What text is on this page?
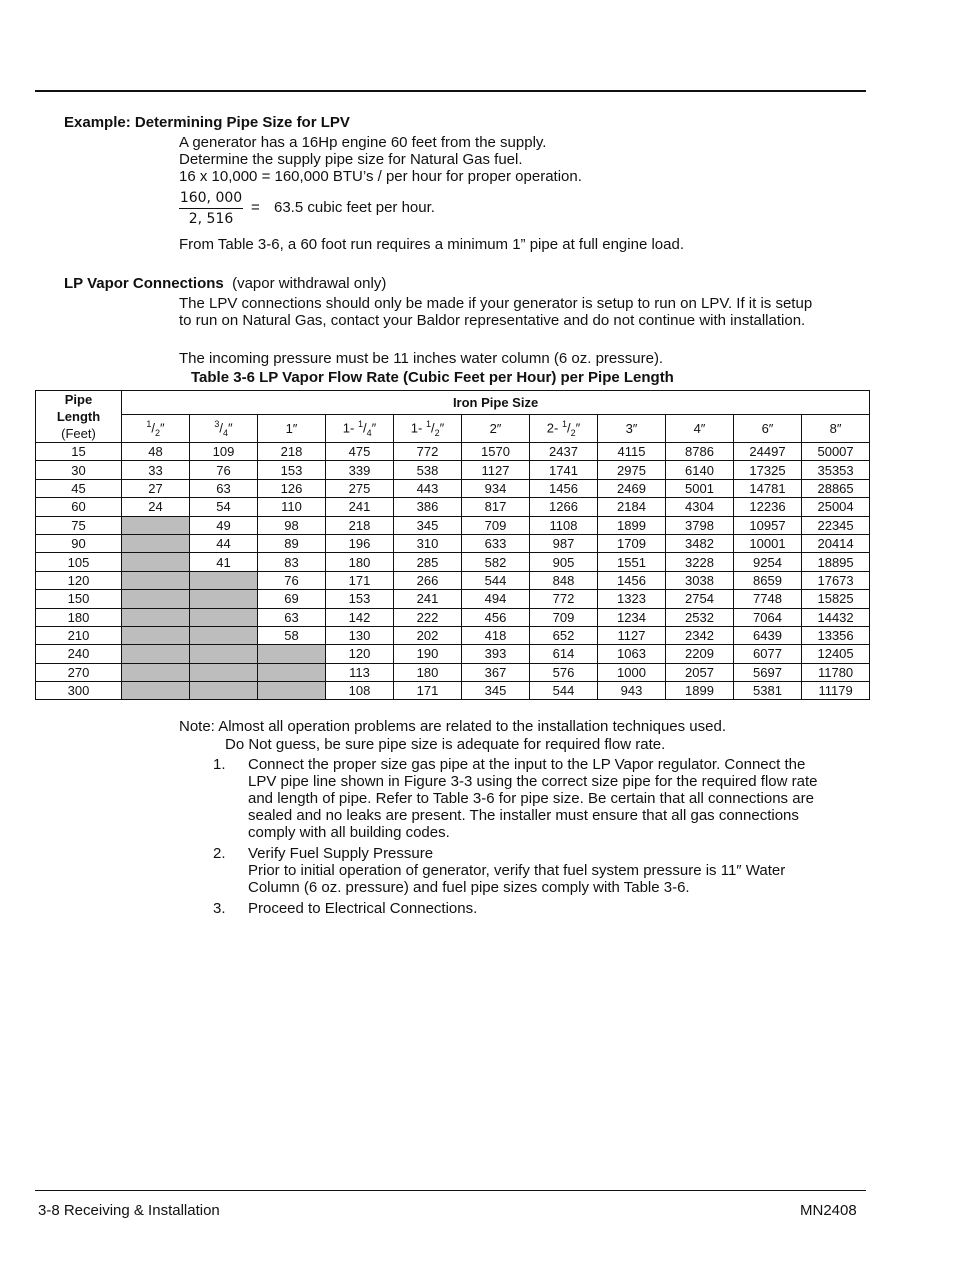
Example: Determining Pipe Size for LPV
A generator has a 16Hp engine 60 feet from the supply.
Determine the supply pipe size for Natural Gas fuel.
16 x 10,000 = 160,000 BTU’s / per hour for proper operation.
$\frac{160, 000}{2, 516} = 63.5$ cubic feet per hour.
From Table 3-6, a 60 foot run requires a minimum 1” pipe at full engine load.
LP Vapor Connections (vapor withdrawal only)
The LPV connections should only be made if your generator is setup to run on LPV. If it is setup
to run on Natural Gas, contact your Baldor representative and do not continue with installation.
The incoming pressure must be 11 inches water column (6 oz. pressure).
Table 3-6 LP Vapor Flow Rate (Cubic Feet per Hour) per Pipe Length
Pipe
Length
(Feet)	Iron Pipe Size										
	$^1/_2''$	$^3/_4''$	1″	1- $^1/_4''$	1- $^1/_2''$	2″	2- $^1/_2''$	3″	4″	6″	8″
15	48	109	218	475	772	1570	2437	4115	8786	24497	50007
30	33	76	153	339	538	1127	1741	2975	6140	17325	35353
45	27	63	126	275	443	934	1456	2469	5001	14781	28865
60	24	54	110	241	386	817	1266	2184	4304	12236	25004
75		49	98	218	345	709	1108	1899	3798	10957	22345
90		44	89	196	310	633	987	1709	3482	10001	20414
105		41	83	180	285	582	905	1551	3228	9254	18895
120			76	171	266	544	848	1456	3038	8659	17673
150			69	153	241	494	772	1323	2754	7748	15825
180			63	142	222	456	709	1234	2532	7064	14432
210			58	130	202	418	652	1127	2342	6439	13356
240				120	190	393	614	1063	2209	6077	12405
270				113	180	367	576	1000	2057	5697	11780
300				108	171	345	544	943	1899	5381	11179
Note: Almost all operation problems are related to the installation techniques used.
Do Not guess, be sure pipe size is adequate for required flow rate.
1. Connect the proper size gas pipe at the input to the LP Vapor regulator. Connect the
LPV pipe line shown in Figure 3-3 using the correct size pipe for the required flow rate
and length of pipe. Refer to Table 3-6 for pipe size. Be certain that all connections are
sealed and no leaks are present. The installer must ensure that all gas connections
comply with all building codes.
2. Verify Fuel Supply Pressure
Prior to initial operation of generator, verify that fuel system pressure is 11″ Water
Column (6 oz. pressure) and fuel pipe sizes comply with Table 3-6.
3. Proceed to Electrical Connections.
3-8 Receiving & Installation	MN2408
